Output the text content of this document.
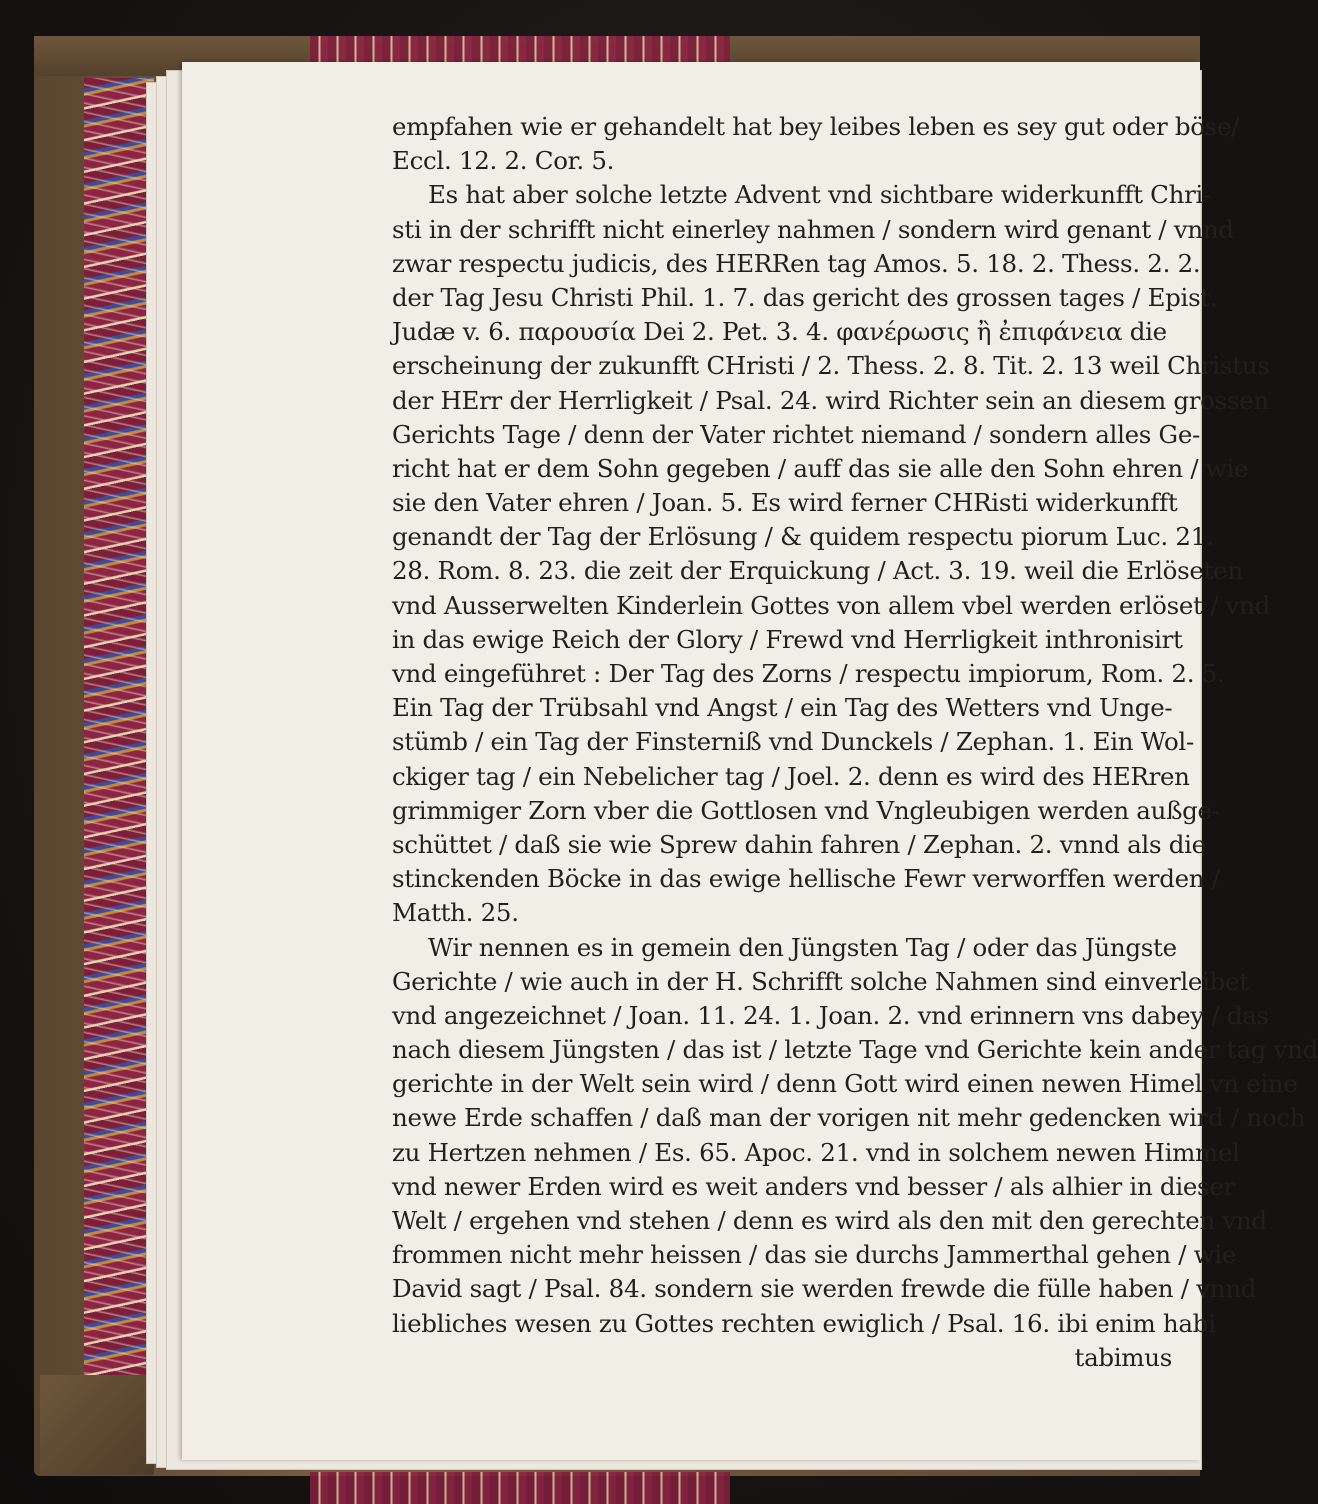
empfahen wie er gehandelt hat bey leibes leben es sey gut oder böse/
Eccl. 12. 2. Cor. 5.
Es hat aber solche letzte Advent vnd sichtbare widerkunfft Chri-
sti in der schrifft nicht einerley nahmen / sondern wird genant / vnnd
zwar respectu judicis, des HERRen tag Amos. 5. 18. 2. Thess. 2. 2.
der Tag Jesu Christi Phil. 1. 7. das gericht des grossen tages / Epist.
Judæ v. 6. παρουσία Dei 2. Pet. 3. 4. φανέρωσις ἢ ἐπιφάνεια die
erscheinung der zukunfft CHristi / 2. Thess. 2. 8. Tit. 2. 13 weil Christus
der HErr der Herrligkeit / Psal. 24. wird Richter sein an diesem grossen
Gerichts Tage / denn der Vater richtet niemand / sondern alles Ge-
richt hat er dem Sohn gegeben / auff das sie alle den Sohn ehren / wie
sie den Vater ehren / Joan. 5. Es wird ferner CHRisti widerkunfft
genandt der Tag der Erlösung / & quidem respectu piorum Luc. 21.
28. Rom. 8. 23. die zeit der Erquickung / Act. 3. 19. weil die Erlöseten
vnd Ausserwelten Kinderlein Gottes von allem vbel werden erlöset / vnd
in das ewige Reich der Glory / Frewd vnd Herrligkeit inthronisirt
vnd eingeführet : Der Tag des Zorns / respectu impiorum, Rom. 2. 5.
Ein Tag der Trübsahl vnd Angst / ein Tag des Wetters vnd Unge-
stümb / ein Tag der Finsterniß vnd Dunckels / Zephan. 1. Ein Wol-
ckiger tag / ein Nebelicher tag / Joel. 2. denn es wird des HERren
grimmiger Zorn vber die Gottlosen vnd Vngleubigen werden außge-
schüttet / daß sie wie Sprew dahin fahren / Zephan. 2. vnnd als die
stinckenden Böcke in das ewige hellische Fewr verworffen werden /
Matth. 25.
Wir nennen es in gemein den Jüngsten Tag / oder das Jüngste
Gerichte / wie auch in der H. Schrifft solche Nahmen sind einverleibet
vnd angezeichnet / Joan. 11. 24. 1. Joan. 2. vnd erinnern vns dabey / das
nach diesem Jüngsten / das ist / letzte Tage vnd Gerichte kein ander tag vnd
gerichte in der Welt sein wird / denn Gott wird einen newen Himel vn eine
newe Erde schaffen / daß man der vorigen nit mehr gedencken wird / noch
zu Hertzen nehmen / Es. 65. Apoc. 21. vnd in solchem newen Himmel
vnd newer Erden wird es weit anders vnd besser / als alhier in dieser
Welt / ergehen vnd stehen / denn es wird als den mit den gerechten vnd
frommen nicht mehr heissen / das sie durchs Jammerthal gehen / wie
David sagt / Psal. 84. sondern sie werden frewde die fülle haben / vnnd
liebliches wesen zu Gottes rechten ewiglich / Psal. 16. ibi enim habi
tabimus
